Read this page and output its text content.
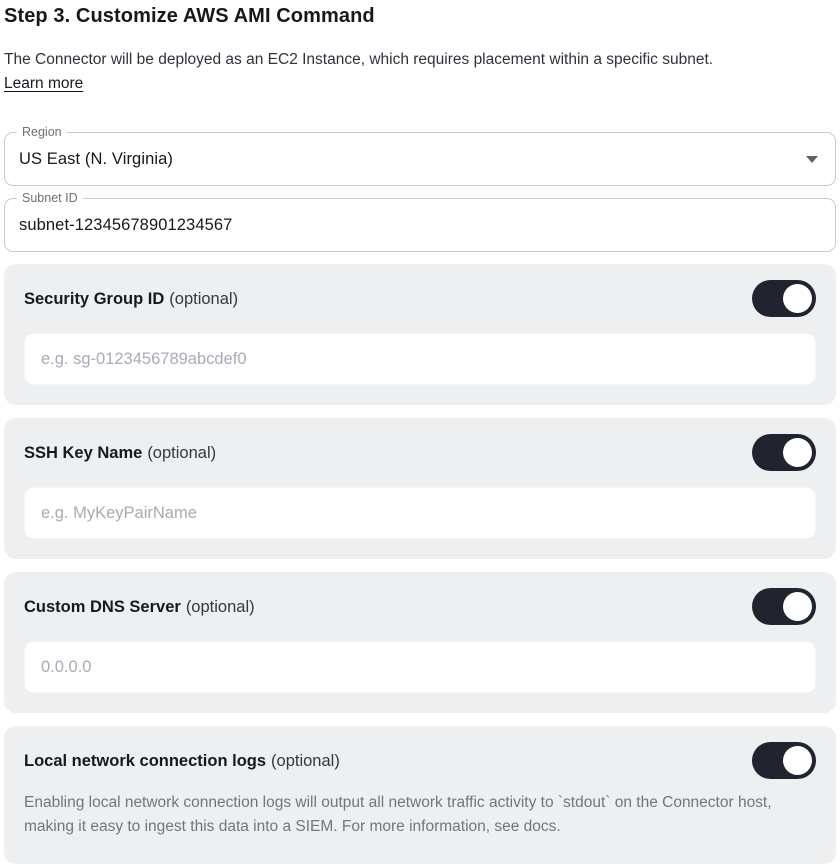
Step 3. Customize AWS AMI Command

The Connector will be deployed as an EC2 Instance, which requires placement within a specific subnet.

Learn more
Region
US East (N. Virginia)
Subnet ID
subnet-12345678901234567
Security Group ID (optional)
e.g. sg-0123456789abcdef0
SSH Key Name (optional)
e.g. MyKeyPairName
Custom DNS Server (optional)
0.0.0.0
Local network connection logs (optional)

Enabling local network connection logs will output all network traffic activity to `stdout` on the Connector host, making it easy to ingest this data into a SIEM. For more information, see docs.
